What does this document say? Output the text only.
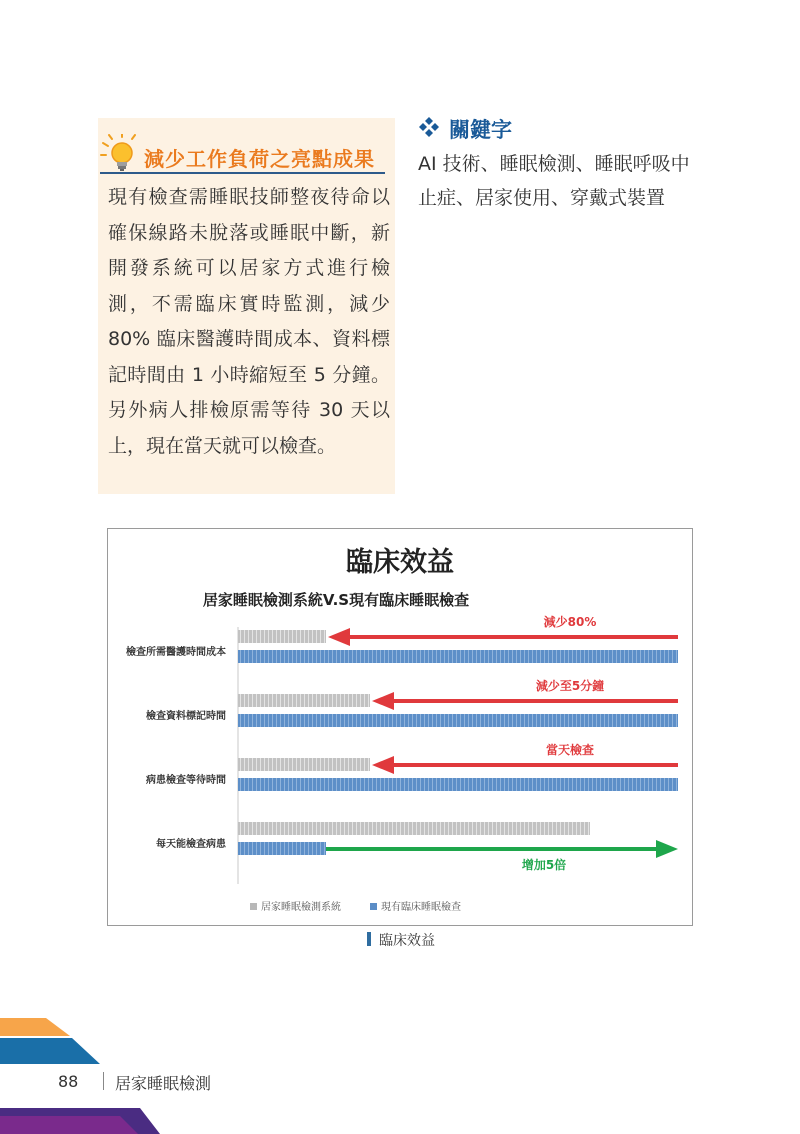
減少工作負荷之亮點成果
現有檢查需睡眠技師整夜待命以確保線路未脫落或睡眠中斷，新開發系統可以居家方式進行檢測，不需臨床實時監測，減少 80% 臨床醫護時間成本、資料標記時間由 1 小時縮短至 5 分鐘。另外病人排檢原需等待 30 天以上，現在當天就可以檢查。
關鍵字
AI 技術、睡眠檢測、睡眠呼吸中止症、居家使用、穿戴式裝置
臨床效益
居家睡眠檢測系統V.S現有臨床睡眠檢查
檢查所需醫護時間成本
減少80%
檢查資料標記時間
減少至5分鐘
病患檢查等待時間
當天檢查
每天能檢查病患
增加5倍
居家睡眠檢測系統	現有臨床睡眠檢查
臨床效益
88 居家睡眠檢測
